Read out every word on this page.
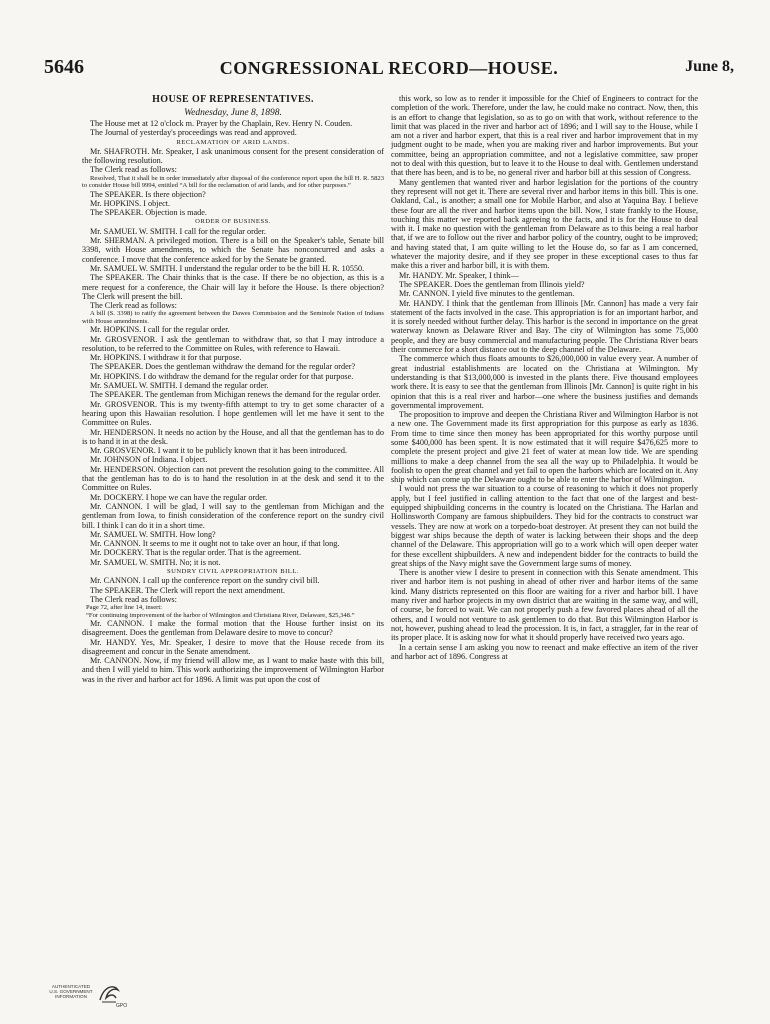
5646	CONGRESSIONAL RECORD—HOUSE.	June 8,

HOUSE OF REPRESENTATIVES.

Wednesday, June 8, 1898.

The House met at 12 o'clock m. Prayer by the Chaplain, Rev. Henry N. Couden.

The Journal of yesterday's proceedings was read and approved.

RECLAMATION OF ARID LANDS.

Mr. SHAFROTH. Mr. Speaker, I ask unanimous consent for the present consideration of the following resolution.

The Clerk read as follows:

Resolved, That it shall be in order immediately after disposal of the conference report upon the bill H. R. 5823 to consider House bill 9994, entitled “A bill for the reclamation of arid lands, and for other purposes.”

The SPEAKER. Is there objection?

Mr. HOPKINS. I object.

The SPEAKER. Objection is made.

ORDER OF BUSINESS.

Mr. SAMUEL W. SMITH. I call for the regular order.

Mr. SHERMAN. A privileged motion. There is a bill on the Speaker's table, Senate bill 3398, with House amendments, to which the Senate has nonconcurred and asks a conference. I move that the conference asked for by the Senate be granted.

Mr. SAMUEL W. SMITH. I understand the regular order to be the bill H. R. 10550.

The SPEAKER. The Chair thinks that is the case. If there be no objection, as this is a mere request for a conference, the Chair will lay it before the House. Is there objection? The Clerk will present the bill.

The Clerk read as follows:

A bill (S. 3398) to ratify the agreement between the Dawes Commission and the Seminole Nation of Indians with House amendments.

Mr. HOPKINS. I call for the regular order.

Mr. GROSVENOR. I ask the gentleman to withdraw that, so that I may introduce a resolution, to be referred to the Committee on Rules, with reference to Hawaii.

Mr. HOPKINS. I withdraw it for that purpose.

The SPEAKER. Does the gentleman withdraw the demand for the regular order?

Mr. HOPKINS. I do withdraw the demand for the regular order for that purpose.

Mr. SAMUEL W. SMITH. I demand the regular order.

The SPEAKER. The gentleman from Michigan renews the demand for the regular order.

Mr. GROSVENOR. This is my twenty-fifth attempt to try to get some character of a hearing upon this Hawaiian resolution. I hope gentlemen will let me have it sent to the Committee on Rules.

Mr. HENDERSON. It needs no action by the House, and all that the gentleman has to do is to hand it in at the desk.

Mr. GROSVENOR. I want it to be publicly known that it has been introduced.

Mr. JOHNSON of Indiana. I object.

Mr. HENDERSON. Objection can not prevent the resolution going to the committee. All that the gentleman has to do is to hand the resolution in at the desk and send it to the Committee on Rules.

Mr. DOCKERY. I hope we can have the regular order.

Mr. CANNON. I will be glad, I will say to the gentleman from Michigan and the gentleman from Iowa, to finish consideration of the conference report on the sundry civil bill. I think I can do it in a short time.

Mr. SAMUEL W. SMITH. How long?

Mr. CANNON. It seems to me it ought not to take over an hour, if that long.

Mr. DOCKERY. That is the regular order. That is the agreement.

Mr. SAMUEL W. SMITH. No; it is not.

SUNDRY CIVIL APPROPRIATION BILL.

Mr. CANNON. I call up the conference report on the sundry civil bill.

The SPEAKER. The Clerk will report the next amendment.

The Clerk read as follows:

Page 72, after line 14, insert:

“For continuing improvement of the harbor of Wilmington and Christiana River, Delaware, $25,348.”

Mr. CANNON. I make the formal motion that the House further insist on its disagreement. Does the gentleman from Delaware desire to move to concur?

Mr. HANDY. Yes, Mr. Speaker, I desire to move that the House recede from its disagreement and concur in the Senate amendment.

Mr. CANNON. Now, if my friend will allow me, as I want to make haste with this bill, and then I will yield to him. This work authorizing the improvement of Wilmington Harbor was in the river and harbor act for 1896. A limit was put upon the cost of

this work, so low as to render it impossible for the Chief of Engineers to contract for the completion of the work. Therefore, under the law, he could make no contract. Now, then, this is an effort to change that legislation, so as to go on with that work, without reference to the limit that was placed in the river and harbor act of 1896; and I will say to the House, while I am not a river and harbor expert, that this is a real river and harbor improvement that in my judgment ought to be made, when you are making river and harbor improvements. But your committee, being an appropriation committee, and not a legislative committee, saw proper not to deal with this question, but to leave it to the House to deal with. Gentlemen understand that there has been, and is to be, no general river and harbor bill at this session of Congress.

Many gentlemen that wanted river and harbor legislation for the portions of the country they represent will not get it. There are several river and harbor items in this bill. This is one. Oakland, Cal., is another; a small one for Mobile Harbor, and also at Yaquina Bay. I believe these four are all the river and harbor items upon the bill. Now, I state frankly to the House, touching this matter we reported back agreeing to the facts, and it is for the House to deal with it. I make no question with the gentleman from Delaware as to this being a real harbor that, if we are to follow out the river and harbor policy of the country, ought to be improved; and having stated that, I am quite willing to let the House do, so far as I am concerned, whatever the majority desire, and if they see proper in these exceptional cases to thus far make this a river and harbor bill, it is with them.

Mr. HANDY. Mr. Speaker, I think—

The SPEAKER. Does the gentleman from Illinois yield?

Mr. CANNON. I yield five minutes to the gentleman.

Mr. HANDY. I think that the gentleman from Illinois [Mr. Cannon] has made a very fair statement of the facts involved in the case. This appropriation is for an important harbor, and it is sorely needed without further delay. This harbor is the second in importance on the great waterway known as Delaware River and Bay. The city of Wilmington has some 75,000 people, and they are busy commercial and manufacturing people. The Christiana River bears their commerce for a short distance out to the deep channel of the Delaware.

The commerce which thus floats amounts to $26,000,000 in value every year. A number of great industrial establishments are located on the Christiana at Wilmington. My understanding is that $13,000,000 is invested in the plants there. Five thousand employees work there. It is easy to see that the gentleman from Illinois [Mr. Cannon] is quite right in his opinion that this is a real river and harbor—one where the business justifies and demands governmental improvement.

The proposition to improve and deepen the Christiana River and Wilmington Harbor is not a new one. The Government made its first appropriation for this purpose as early as 1836. From time to time since then money has been appropriated for this worthy purpose until some $400,000 has been spent. It is now estimated that it will require $476,625 more to complete the present project and give 21 feet of water at mean low tide. We are spending millions to make a deep channel from the sea all the way up to Philadelphia. It would be foolish to open the great channel and yet fail to open the harbors which are located on it. Any ship which can come up the Delaware ought to be able to enter the harbor of Wilmington.

I would not press the war situation to a course of reasoning to which it does not properly apply, but I feel justified in calling attention to the fact that one of the largest and best-equipped shipbuilding concerns in the country is located on the Christiana. The Harlan and Hollinsworth Company are famous shipbuilders. They bid for the contracts to construct war vessels. They are now at work on a torpedo-boat destroyer. At present they can not build the biggest war ships because the depth of water is lacking between their shops and the deep channel of the Delaware. This appropriation will go to a work which will open deeper water for these excellent shipbuilders. A new and independent bidder for the contracts to build the great ships of the Navy might save the Government large sums of money.

There is another view I desire to present in connection with this Senate amendment. This river and harbor item is not pushing in ahead of other river and harbor items of the same kind. Many districts represented on this floor are waiting for a river and harbor bill. I have many river and harbor projects in my own district that are waiting in the same way, and will, of course, be forced to wait. We can not properly push a few favored places ahead of all the others, and I would not venture to ask gentlemen to do that. But this Wilmington Harbor is not, however, pushing ahead to lead the procession. It is, in fact, a straggler, far in the rear of its proper place. It is asking now for what it should properly have received two years ago.

In a certain sense I am asking you now to reenact and make effective an item of the river and harbor act of 1896. Congress at

AUTHENTICATED
U.S. GOVERNMENT
INFORMATION
GPO
